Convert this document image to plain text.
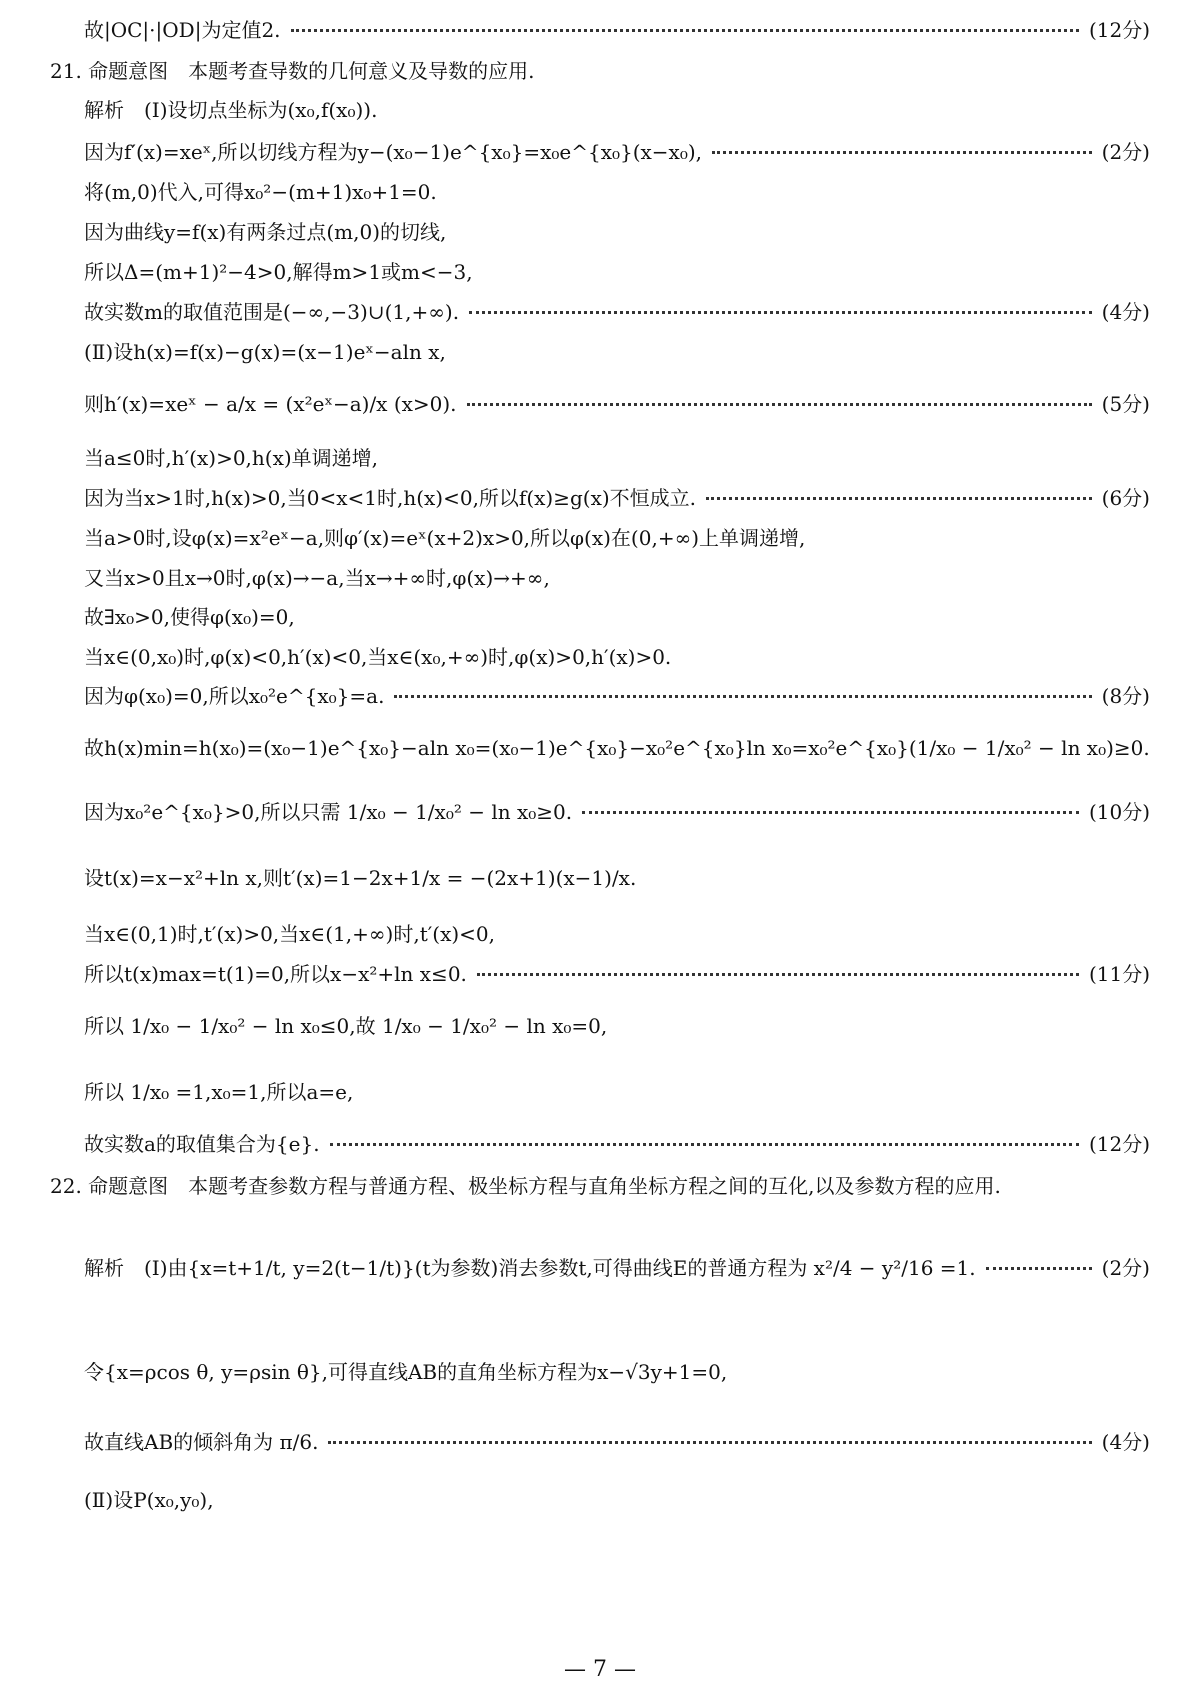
故|OC|·|OD|为定值2.	(12分)
21. 命题意图　本题考查导数的几何意义及导数的应用.
解析　(Ⅰ)设切点坐标为(x₀,f(x₀)).
因为f′(x)=xeˣ,所以切线方程为y−(x₀−1)e^{x₀}=x₀e^{x₀}(x−x₀),	(2分)
将(m,0)代入,可得x₀²−(m+1)x₀+1=0.
因为曲线y=f(x)有两条过点(m,0)的切线,
所以Δ=(m+1)²−4>0,解得m>1或m<−3,
故实数m的取值范围是(−∞,−3)∪(1,+∞).	(4分)
(Ⅱ)设h(x)=f(x)−g(x)=(x−1)eˣ−aln x,
则h′(x)=xeˣ − a/x = (x²eˣ−a)/x (x>0).	(5分)
当a≤0时,h′(x)>0,h(x)单调递增,
因为当x>1时,h(x)>0,当0<x<1时,h(x)<0,所以f(x)≥g(x)不恒成立.	(6分)
当a>0时,设φ(x)=x²eˣ−a,则φ′(x)=eˣ(x+2)x>0,所以φ(x)在(0,+∞)上单调递增,
又当x>0且x→0时,φ(x)→−a,当x→+∞时,φ(x)→+∞,
故∃x₀>0,使得φ(x₀)=0,
当x∈(0,x₀)时,φ(x)<0,h′(x)<0,当x∈(x₀,+∞)时,φ(x)>0,h′(x)>0.
因为φ(x₀)=0,所以x₀²e^{x₀}=a.	(8分)
故h(x)min=h(x₀)=(x₀−1)e^{x₀}−aln x₀=(x₀−1)e^{x₀}−x₀²e^{x₀}ln x₀=x₀²e^{x₀}(1/x₀ − 1/x₀² − ln x₀)≥0.
因为x₀²e^{x₀}>0,所以只需 1/x₀ − 1/x₀² − ln x₀≥0.	(10分)
设t(x)=x−x²+ln x,则t′(x)=1−2x+1/x = −(2x+1)(x−1)/x.
当x∈(0,1)时,t′(x)>0,当x∈(1,+∞)时,t′(x)<0,
所以t(x)max=t(1)=0,所以x−x²+ln x≤0.	(11分)
所以 1/x₀ − 1/x₀² − ln x₀≤0,故 1/x₀ − 1/x₀² − ln x₀=0,
所以 1/x₀ =1,x₀=1,所以a=e,
故实数a的取值集合为{e}.	(12分)
22. 命题意图　本题考查参数方程与普通方程、极坐标方程与直角坐标方程之间的互化,以及参数方程的应用.
解析　(Ⅰ)由{x=t+1/t, y=2(t−1/t)}(t为参数)消去参数t,可得曲线E的普通方程为 x²/4 − y²/16 =1.	(2分)
令{x=ρcos θ, y=ρsin θ},可得直线AB的直角坐标方程为x−√3y+1=0,
故直线AB的倾斜角为 π/6.	(4分)
(Ⅱ)设P(x₀,y₀),
— 7 —
